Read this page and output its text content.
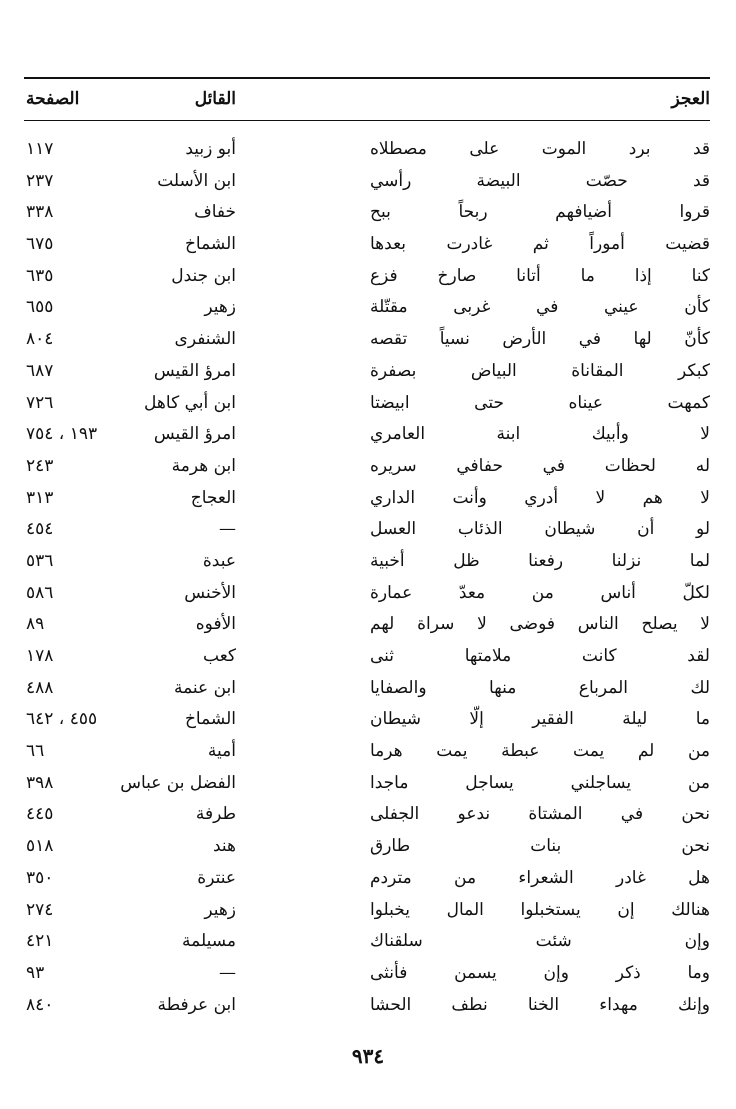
العجز
القائل
الصفحة
قد برد الموت على مصطلاه
أبو زبيد
١١٧
قد حصّت البيضة رأسي
ابن الأسلت
٢٣٧
قروا أضيافهم ربحاً ببح
خفاف
٣٣٨
قضيت أموراً ثم غادرت بعدها
الشماخ
٦٧٥
كنا إذا ما أتانا صارخ فزع
ابن جندل
٦٣٥
كأن عيني في غربى مقتّلة
زهير
٦٥٥
كأنّ لها في الأرض نسياً تقصه
الشنفرى
٨٠٤
كبكر المقاناة البياض بصفرة
امرؤ القيس
٦٨٧
كمهت عيناه حتى ابيضتا
ابن أبي كاهل
٧٢٦
لا وأبيك ابنة العامري
امرؤ القيس
١٩٣ ، ٧٥٤
له لحظات في حفافي سريره
ابن هرمة
٢٤٣
لا هم لا أدري وأنت الداري
العجاج
٣١٣
لو أن شيطان الذئاب العسل
—
٤٥٤
لما نزلنا رفعنا ظل أخبية
عبدة
٥٣٦
لكلّ أناس من معدّ عمارة
الأخنس
٥٨٦
لا يصلح الناس فوضى لا سراة لهم
الأفوه
٨٩
لقد كانت ملامتها ثنى
كعب
١٧٨
لك المرباع منها والصفايا
ابن عنمة
٤٨٨
ما ليلة الفقير إلّا شيطان
الشماخ
٤٥٥ ، ٦٤٢
من لم يمت عبطة يمت هرما
أمية
٦٦
من يساجلني يساجل ماجدا
الفضل بن عباس
٣٩٨
نحن في المشتاة ندعو الجفلى
طرفة
٤٤٥
نحن بنات طارق
هند
٥١٨
هل غادر الشعراء من متردم
عنترة
٣٥٠
هنالك إن يستخبلوا المال يخبلوا
زهير
٢٧٤
وإن شئت سلقناك
مسيلمة
٤٢١
وما ذكر وإن يسمن فأنثى
—
٩٣
وإنك مهداء الخنا نطف الحشا
ابن عرفطة
٨٤٠
٩٣٤
